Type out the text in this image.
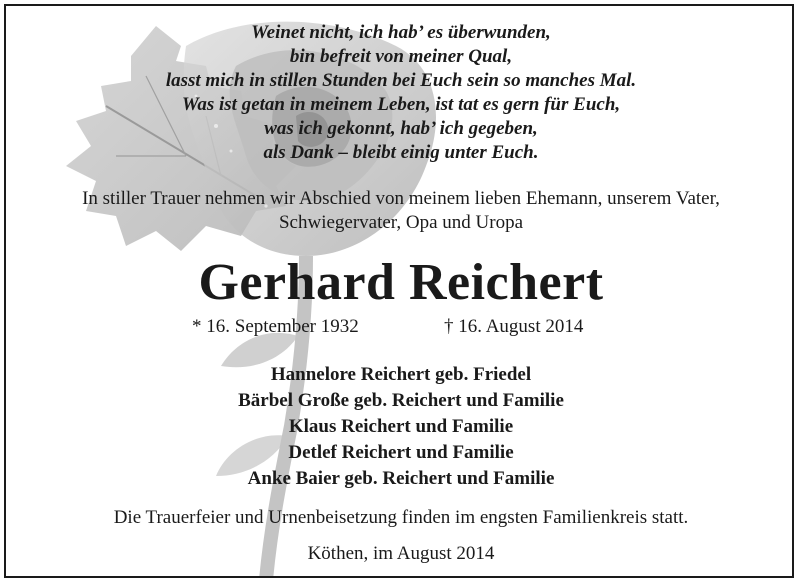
Weinet nicht, ich hab’ es überwunden,
bin befreit von meiner Qual,
lasst mich in stillen Stunden bei Euch sein so manches Mal.
Was ist getan in meinem Leben, ist tat es gern für Euch,
was ich gekonnt, hab’ ich gegeben,
als Dank – bleibt einig unter Euch.
In stiller Trauer nehmen wir Abschied von meinem lieben Ehemann, unserem Vater,
Schwiegervater, Opa und Uropa
Gerhard Reichert
* 16. September 1932	† 16. August 2014
Hannelore Reichert geb. Friedel
Bärbel Große geb. Reichert und Familie
Klaus Reichert und Familie
Detlef Reichert und Familie
Anke Baier geb. Reichert und Familie
Die Trauerfeier und Urnenbeisetzung finden im engsten Familienkreis statt.
Köthen, im August 2014
